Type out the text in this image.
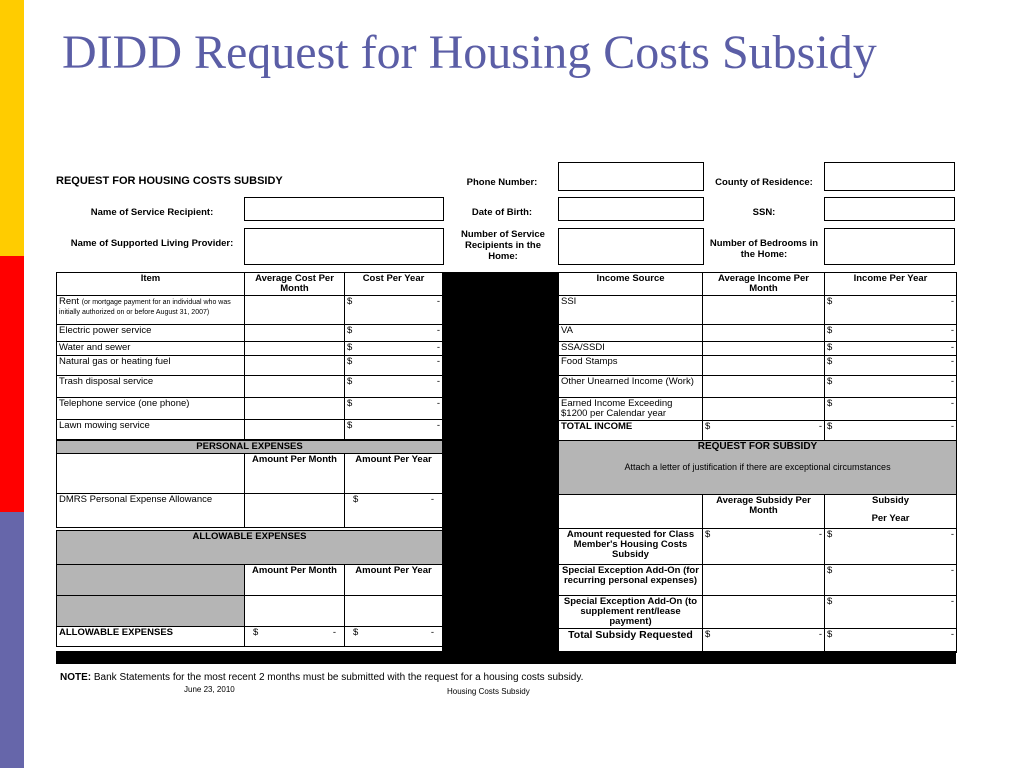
DIDD Request for Housing Costs Subsidy
REQUEST FOR HOUSING COSTS SUBSIDY	Phone Number:	County of Residence:
Name of Service Recipient:	Date of Birth:	SSN:
Name of Supported Living Provider:
Number of Service Recipients in the Home:
Number of Bedrooms in the Home:
Item	Average Cost Per Month	Cost Per Year
Rent (or mortgage payment for an individual who was initially authorized on or before August 31, 2007)		$ -

Electric power service		$ -

Water and sewer		$ -

Natural gas or heating fuel		$ -

Trash disposal service		$ -

Telephone service (one phone)		$ -

Lawn mowing service		$ -
Income Source	Average Income Per Month	Income Per Year
SSI		$ -

VA		$ -

SSA/SSDI		$ -

Food Stamps		$ -

Other Unearned Income (Work)		$ -

Earned Income Exceeding $1200 per Calendar year		$ -

TOTAL INCOME	$ -	$ -
PERSONAL EXPENSES		
	Amount Per Month	Amount Per Year
DMRS Personal Expense Allowance		$ -
ALLOWABLE EXPENSES		
	Amount Per Month	Amount Per Year

ALLOWABLE EXPENSES	$ -	$ -
REQUEST FOR SUBSIDY
Attach a letter of justification if there are exceptional circumstances		

	Average Subsidy Per Month	Subsidy
Per Year

Amount requested for Class Member's Housing Costs Subsidy	$ -	$ -

Special Exception Add-On (for recurring personal expenses)		$ -

Special Exception Add-On (to supplement rent/lease payment)		$ -

Total Subsidy Requested	$ -	$ -
NOTE: Bank Statements for the most recent 2 months must be submitted with the request for a housing costs subsidy.
June 23, 2010	Housing Costs Subsidy
